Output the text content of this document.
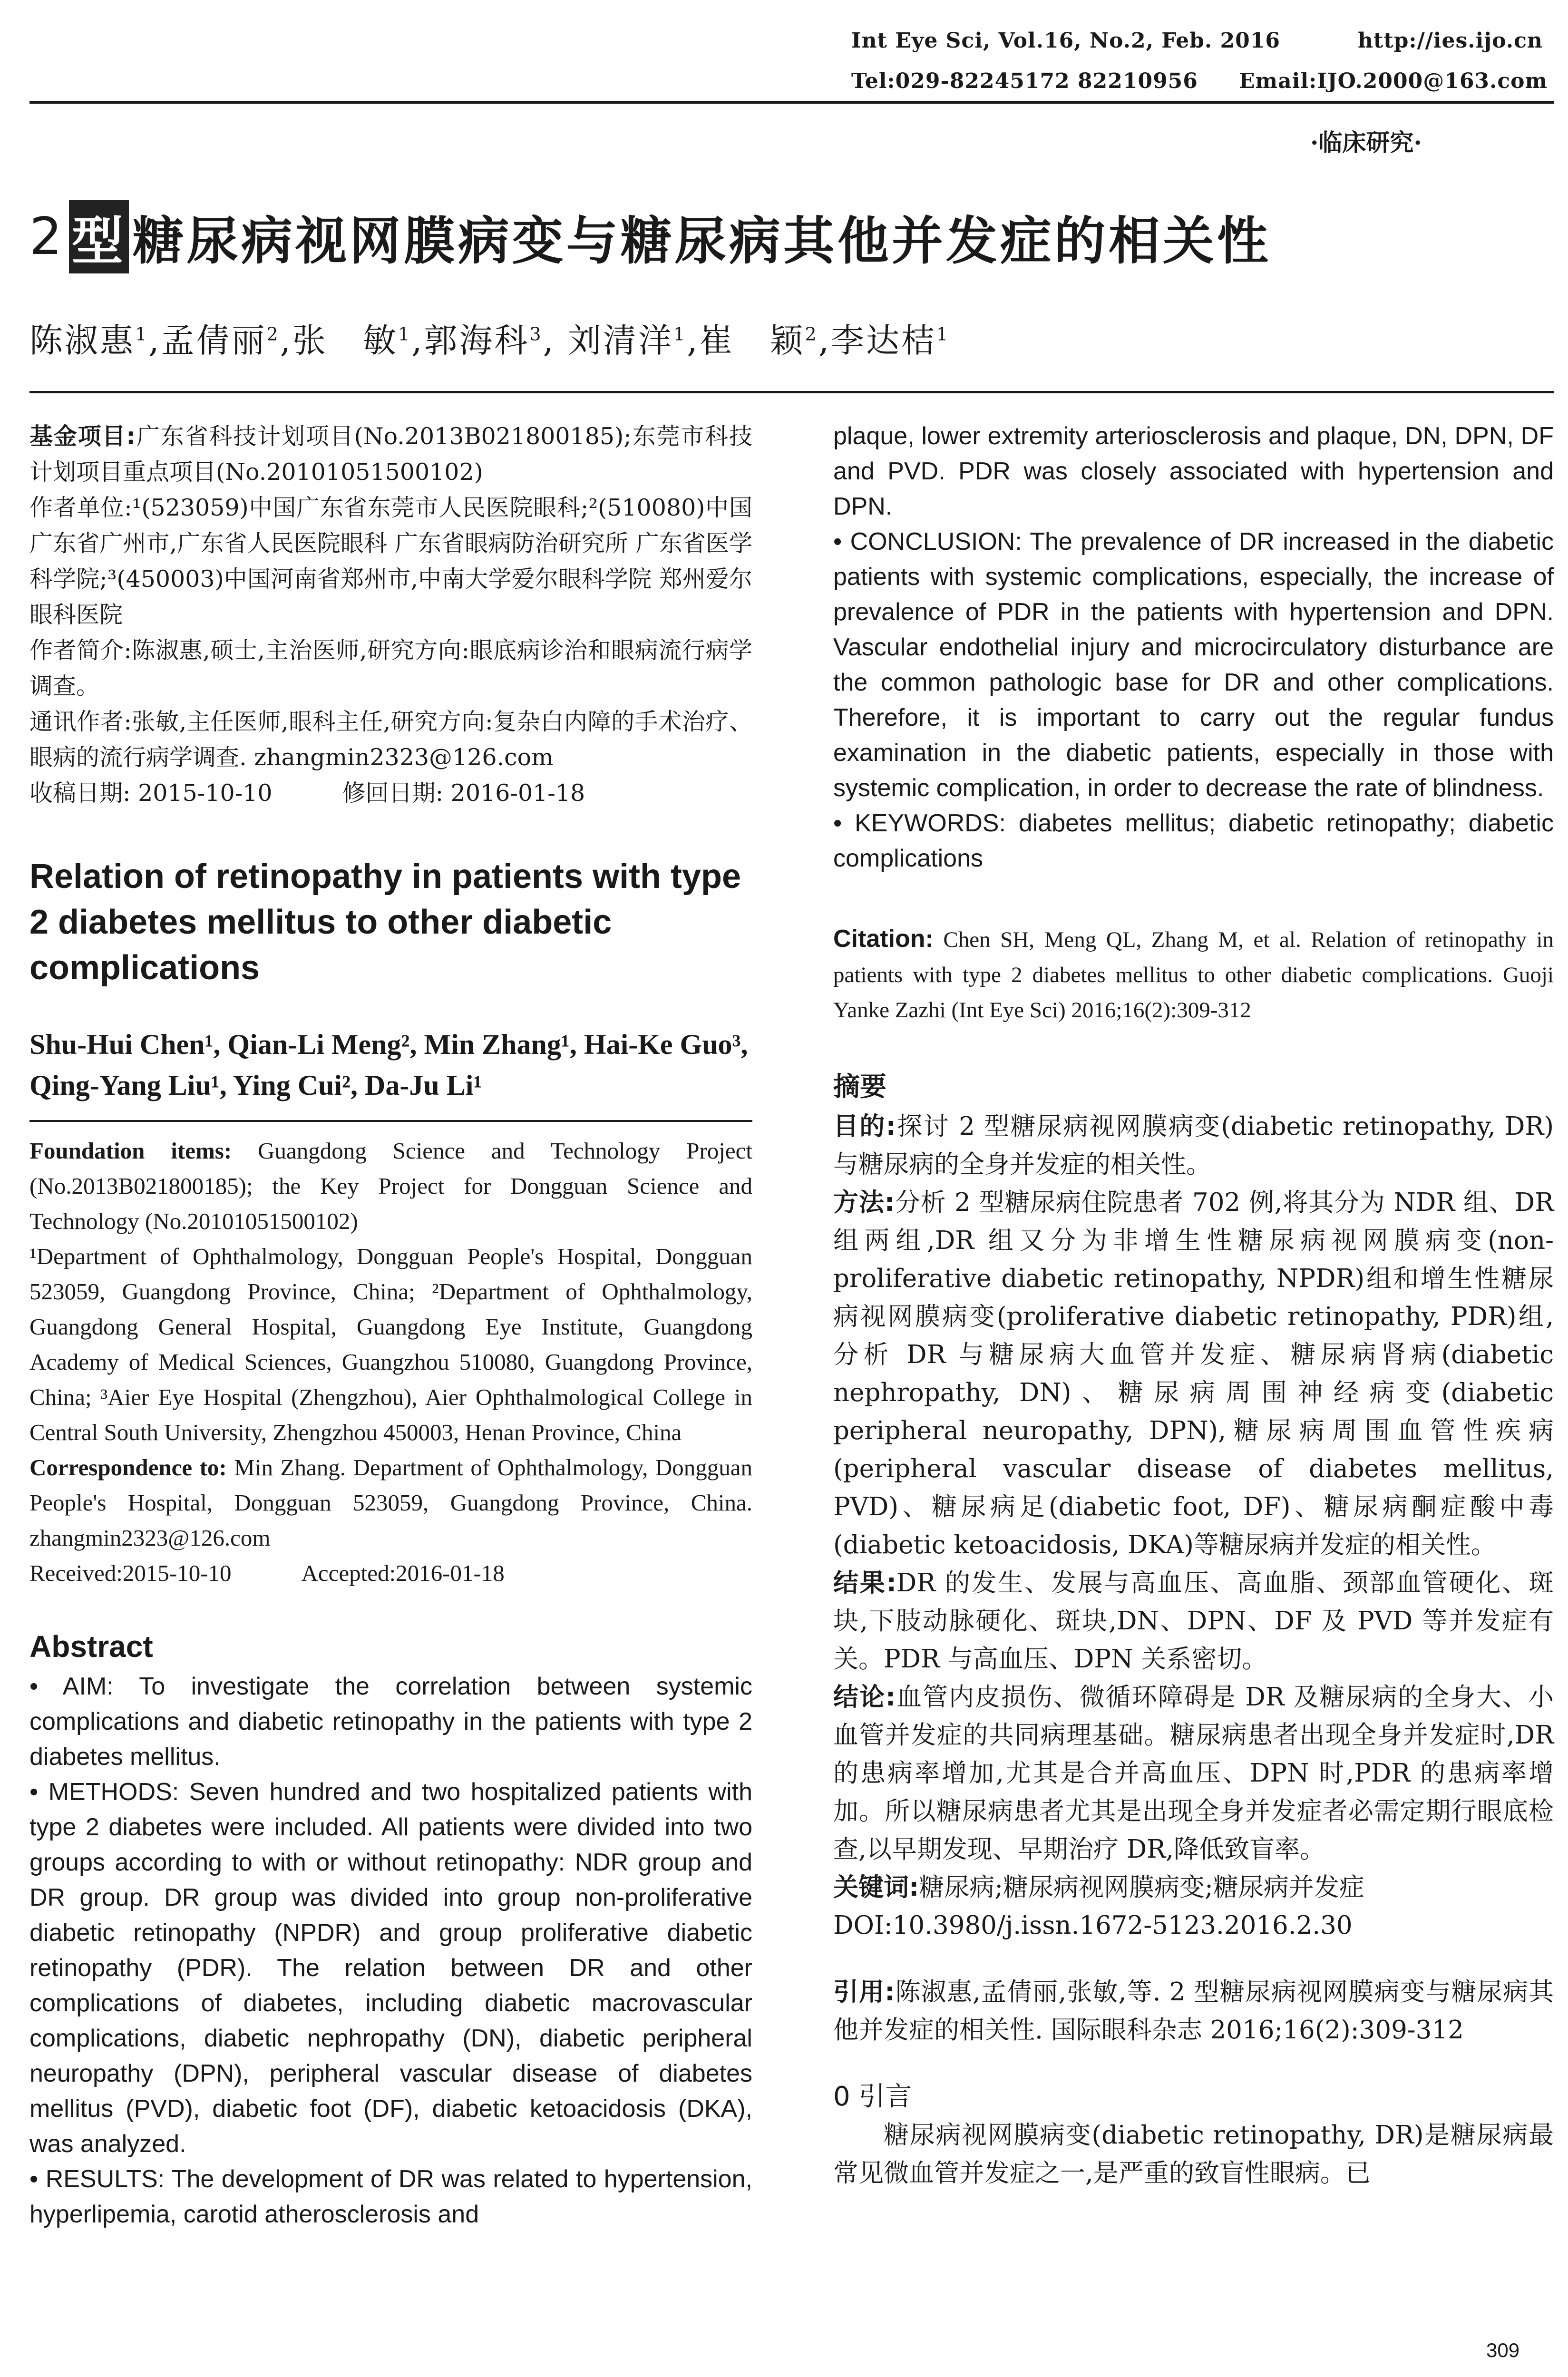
Int Eye Sci, Vol.16, No.2, Feb. 2016	http://ies.ijo.cn
Tel:029-82245172 82210956 Email:IJO.2000@163.com
·临床研究·
2 型 糖尿病视网膜病变与糖尿病其他并发症的相关性
陈淑惠$^1$,孟倩丽$^2$,张　敏$^1$,郭海科$^3$, 刘清洋$^1$,崔　颖$^2$,李达桔$^1$

基金项目:广东省科技计划项目(No.2013B021800185);东莞市科技计划项目重点项目(No.20101051500102)

作者单位:¹(523059)中国广东省东莞市人民医院眼科;²(510080)中国广东省广州市,广东省人民医院眼科 广东省眼病防治研究所 广东省医学科学院;³(450003)中国河南省郑州市,中南大学爱尔眼科学院 郑州爱尔眼科医院

作者简介:陈淑惠,硕士,主治医师,研究方向:眼底病诊治和眼病流行病学调查。

通讯作者:张敏,主任医师,眼科主任,研究方向:复杂白内障的手术治疗、眼病的流行病学调查. zhangmin2323@126.com

收稿日期: 2015-10-10　　　修回日期: 2016-01-18

Relation of retinopathy in patients with type 2 diabetes mellitus to other diabetic complications
Shu-Hui Chen¹, Qian-Li Meng², Min Zhang¹, Hai-Ke Guo³, Qing-Yang Liu¹, Ying Cui², Da-Ju Li¹

Foundation items: Guangdong Science and Technology Project (No.2013B021800185); the Key Project for Dongguan Science and Technology (No.20101051500102)

¹Department of Ophthalmology, Dongguan People's Hospital, Dongguan 523059, Guangdong Province, China; ²Department of Ophthalmology, Guangdong General Hospital, Guangdong Eye Institute, Guangdong Academy of Medical Sciences, Guangzhou 510080, Guangdong Province, China; ³Aier Eye Hospital (Zhengzhou), Aier Ophthalmological College in Central South University, Zhengzhou 450003, Henan Province, China

Correspondence to: Min Zhang. Department of Ophthalmology, Dongguan People's Hospital, Dongguan 523059, Guangdong Province, China. zhangmin2323@126.com

Received:2015-10-10　　　Accepted:2016-01-18

Abstract

• AIM: To investigate the correlation between systemic complications and diabetic retinopathy in the patients with type 2 diabetes mellitus.

• METHODS: Seven hundred and two hospitalized patients with type 2 diabetes were included. All patients were divided into two groups according to with or without retinopathy: NDR group and DR group. DR group was divided into group non-proliferative diabetic retinopathy (NPDR) and group proliferative diabetic retinopathy (PDR). The relation between DR and other complications of diabetes, including diabetic macrovascular complications, diabetic nephropathy (DN), diabetic peripheral neuropathy (DPN), peripheral vascular disease of diabetes mellitus (PVD), diabetic foot (DF), diabetic ketoacidosis (DKA), was analyzed.

• RESULTS: The development of DR was related to hypertension, hyperlipemia, carotid atherosclerosis and

plaque, lower extremity arteriosclerosis and plaque, DN, DPN, DF and PVD. PDR was closely associated with hypertension and DPN.

• CONCLUSION: The prevalence of DR increased in the diabetic patients with systemic complications, especially, the increase of prevalence of PDR in the patients with hypertension and DPN. Vascular endothelial injury and microcirculatory disturbance are the common pathologic base for DR and other complications. Therefore, it is important to carry out the regular fundus examination in the diabetic patients, especially in those with systemic complication, in order to decrease the rate of blindness.

• KEYWORDS: diabetes mellitus; diabetic retinopathy; diabetic complications

Citation: Chen SH, Meng QL, Zhang M, et al. Relation of retinopathy in patients with type 2 diabetes mellitus to other diabetic complications. Guoji Yanke Zazhi (Int Eye Sci) 2016;16(2):309-312

摘要

目的:探讨 2 型糖尿病视网膜病变(diabetic retinopathy, DR)与糖尿病的全身并发症的相关性。

方法:分析 2 型糖尿病住院患者 702 例,将其分为 NDR 组、DR 组两组,DR 组又分为非增生性糖尿病视网膜病变(non-proliferative diabetic retinopathy, NPDR)组和增生性糖尿病视网膜病变(proliferative diabetic retinopathy, PDR)组,分析 DR 与糖尿病大血管并发症、糖尿病肾病(diabetic nephropathy, DN)、糖尿病周围神经病变(diabetic peripheral neuropathy, DPN),糖尿病周围血管性疾病(peripheral vascular disease of diabetes mellitus, PVD)、糖尿病足(diabetic foot, DF)、糖尿病酮症酸中毒(diabetic ketoacidosis, DKA)等糖尿病并发症的相关性。

结果:DR 的发生、发展与高血压、高血脂、颈部血管硬化、斑块,下肢动脉硬化、斑块,DN、DPN、DF 及 PVD 等并发症有关。PDR 与高血压、DPN 关系密切。

结论:血管内皮损伤、微循环障碍是 DR 及糖尿病的全身大、小血管并发症的共同病理基础。糖尿病患者出现全身并发症时,DR 的患病率增加,尤其是合并高血压、DPN 时,PDR 的患病率增加。所以糖尿病患者尤其是出现全身并发症者必需定期行眼底检查,以早期发现、早期治疗 DR,降低致盲率。

关键词:糖尿病;糖尿病视网膜病变;糖尿病并发症

DOI:10.3980/j.issn.1672-5123.2016.2.30

引用:陈淑惠,孟倩丽,张敏,等. 2 型糖尿病视网膜病变与糖尿病其他并发症的相关性. 国际眼科杂志 2016;16(2):309-312

0 引言

糖尿病视网膜病变(diabetic retinopathy, DR)是糖尿病最常见微血管并发症之一,是严重的致盲性眼病。已

309
